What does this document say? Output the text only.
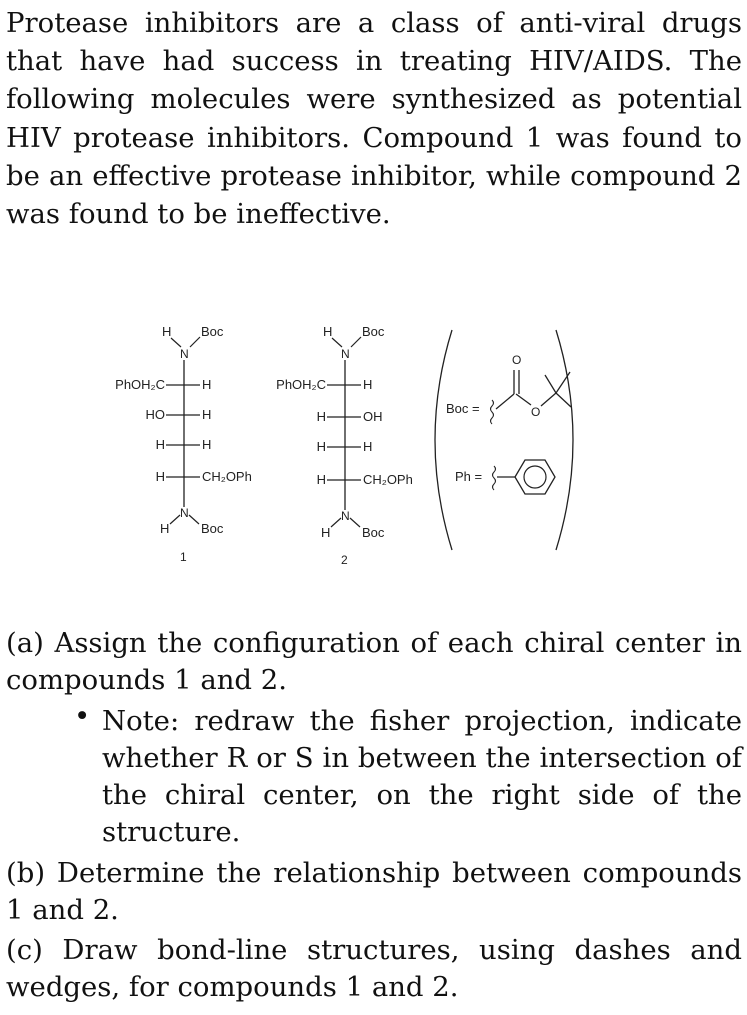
Protease inhibitors are a class of anti-viral drugs that have had success in treating HIV/AIDS. The following molecules were synthesized as potential HIV protease inhibitors. Compound 1 was found to be an effective protease inhibitor, while compound 2 was found to be ineffective.
H
N
Boc
PhOH₂C	H
HO	H
H	H
H	CH₂OPh
N
H Boc
1
H
N
Boc
PhOH₂C	H
H	OH
H	H
H	CH₂OPh
N
H Boc
2
Boc =
O
O
Ph =
(a) Assign the configuration of each chiral center in compounds 1 and 2.
• Note: redraw the fisher projection, indicate whether R or S in between the intersection of the chiral center, on the right side of the structure.
(b) Determine the relationship between compounds 1 and 2.
(c) Draw bond-line structures, using dashes and wedges, for compounds 1 and 2.
